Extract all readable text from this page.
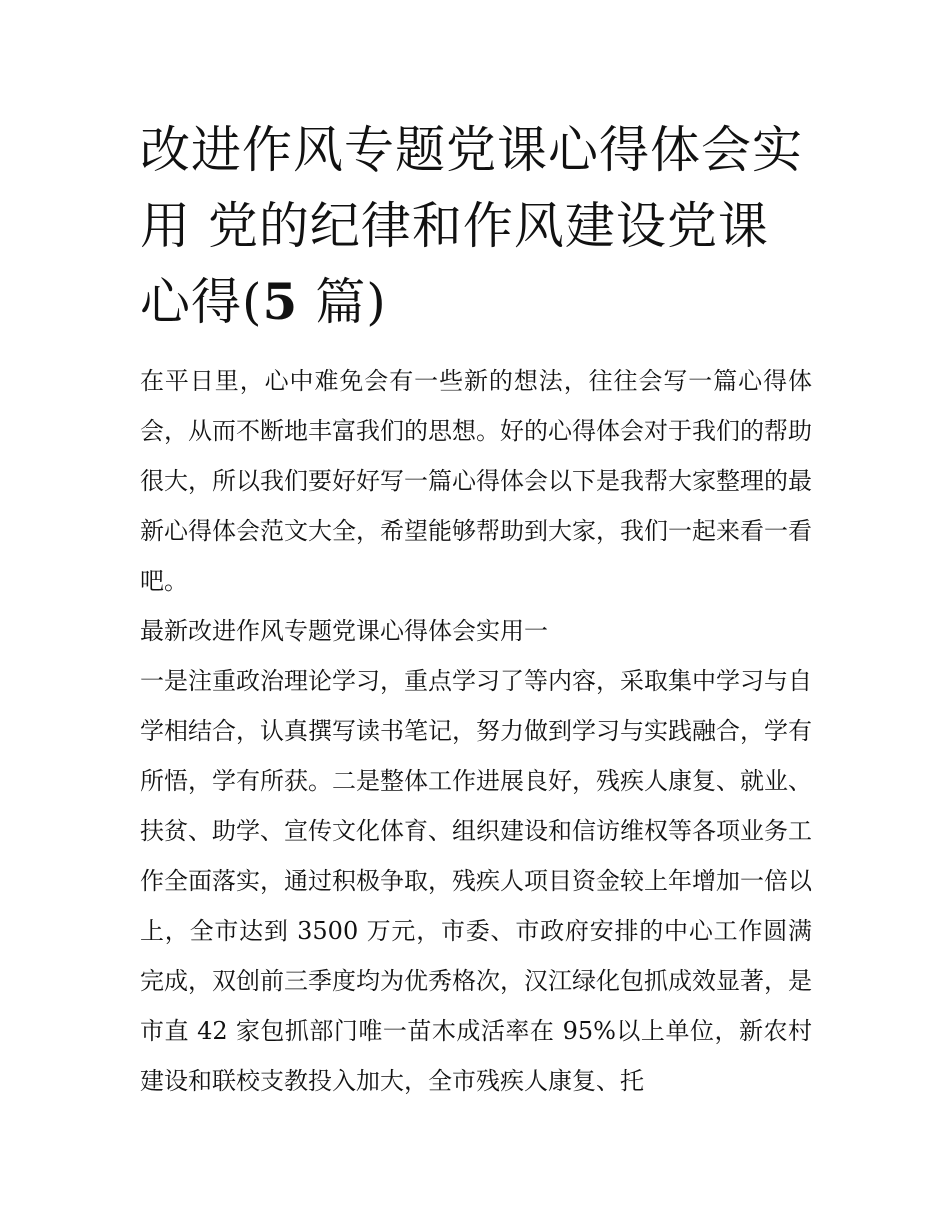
改进作风专题党课心得体会实用 党的纪律和作风建设党课心得(5 篇)

在平日里，心中难免会有一些新的想法，往往会写一篇心得体会，从而不断地丰富我们的思想。好的心得体会对于我们的帮助很大，所以我们要好好写一篇心得体会以下是我帮大家整理的最新心得体会范文大全，希望能够帮助到大家，我们一起来看一看吧。

最新改进作风专题党课心得体会实用一

一是注重政治理论学习，重点学习了等内容，采取集中学习与自学相结合，认真撰写读书笔记，努力做到学习与实践融合，学有所悟，学有所获。二是整体工作进展良好，残疾人康复、就业、扶贫、助学、宣传文化体育、组织建设和信访维权等各项业务工作全面落实，通过积极争取，残疾人项目资金较上年增加一倍以上，全市达到 3500 万元，市委、市政府安排的中心工作圆满完成，双创前三季度均为优秀格次，汉江绿化包抓成效显著，是市直 42 家包抓部门唯一苗木成活率在 95%以上单位，新农村建设和联校支教投入加大，全市残疾人康复、托
